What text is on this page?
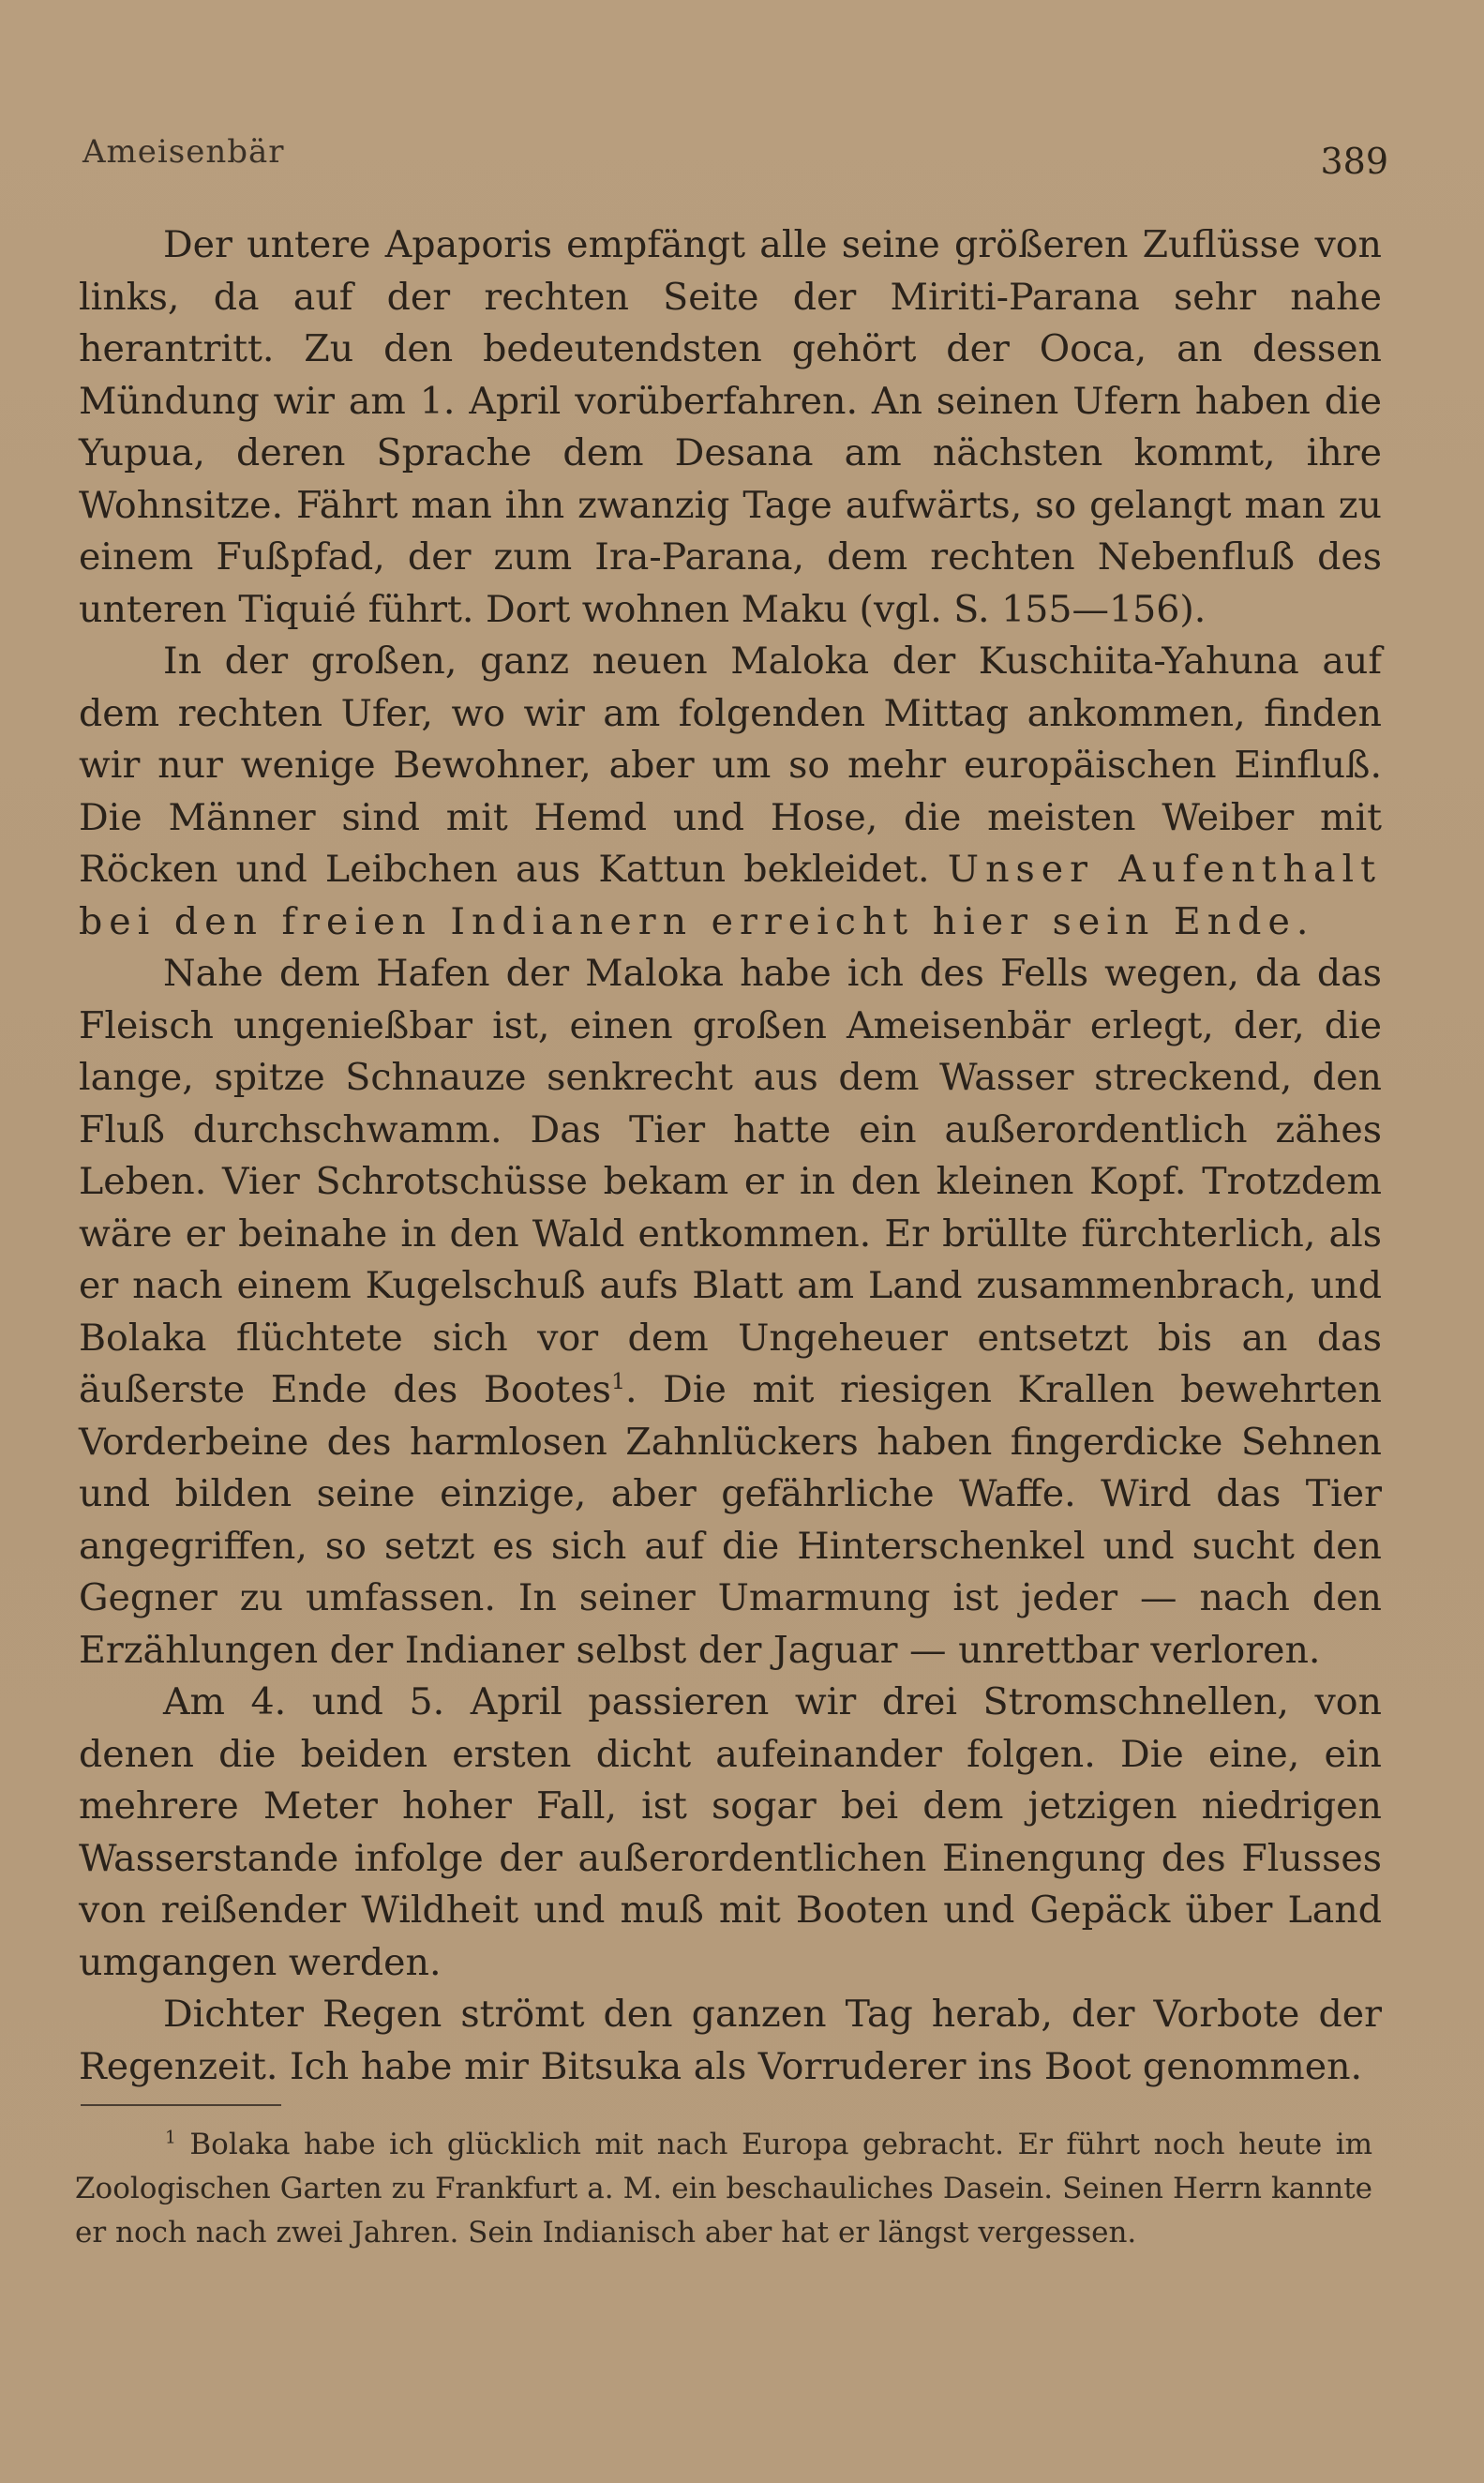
Ameisenbär	389

Der untere Apaporis empfängt alle seine größeren Zuflüsse von links, da auf der rechten Seite der Miriti-Parana sehr nahe herantritt. Zu den bedeutendsten gehört der Ooca, an dessen Mündung wir am 1. April vorüberfahren. An seinen Ufern haben die Yupua, deren Sprache dem Desana am nächsten kommt, ihre Wohnsitze. Fährt man ihn zwanzig Tage aufwärts, so gelangt man zu einem Fußpfad, der zum Ira-Parana, dem rechten Nebenfluß des unteren Tiquié führt. Dort wohnen Maku (vgl. S. 155—156).

In der großen, ganz neuen Maloka der Kuschiita-Yahuna auf dem rechten Ufer, wo wir am folgenden Mittag ankommen, finden wir nur wenige Bewohner, aber um so mehr europäischen Einfluß. Die Männer sind mit Hemd und Hose, die meisten Weiber mit Röcken und Leibchen aus Kattun bekleidet. Unser Aufenthalt bei den freien Indianern erreicht hier sein Ende.

Nahe dem Hafen der Maloka habe ich des Fells wegen, da das Fleisch ungenießbar ist, einen großen Ameisenbär erlegt, der, die lange, spitze Schnauze senkrecht aus dem Wasser streckend, den Fluß durchschwamm. Das Tier hatte ein außerordentlich zähes Leben. Vier Schrotschüsse bekam er in den kleinen Kopf. Trotzdem wäre er beinahe in den Wald entkommen. Er brüllte fürchterlich, als er nach einem Kugelschuß aufs Blatt am Land zusammenbrach, und Bolaka flüchtete sich vor dem Ungeheuer entsetzt bis an das äußerste Ende des Bootes$^1$. Die mit riesigen Krallen bewehrten Vorderbeine des harmlosen Zahnlückers haben fingerdicke Sehnen und bilden seine einzige, aber gefährliche Waffe. Wird das Tier angegriffen, so setzt es sich auf die Hinterschenkel und sucht den Gegner zu umfassen. In seiner Umarmung ist jeder — nach den Erzählungen der Indianer selbst der Jaguar — unrettbar verloren.

Am 4. und 5. April passieren wir drei Stromschnellen, von denen die beiden ersten dicht aufeinander folgen. Die eine, ein mehrere Meter hoher Fall, ist sogar bei dem jetzigen niedrigen Wasserstande infolge der außerordentlichen Einengung des Flusses von reißender Wildheit und muß mit Booten und Gepäck über Land umgangen werden.

Dichter Regen strömt den ganzen Tag herab, der Vorbote der Regenzeit. Ich habe mir Bitsuka als Vorruderer ins Boot genommen.

$^1$ Bolaka habe ich glücklich mit nach Europa gebracht. Er führt noch heute im Zoologischen Garten zu Frankfurt a. M. ein beschauliches Dasein. Seinen Herrn kannte er noch nach zwei Jahren. Sein Indianisch aber hat er längst vergessen.
